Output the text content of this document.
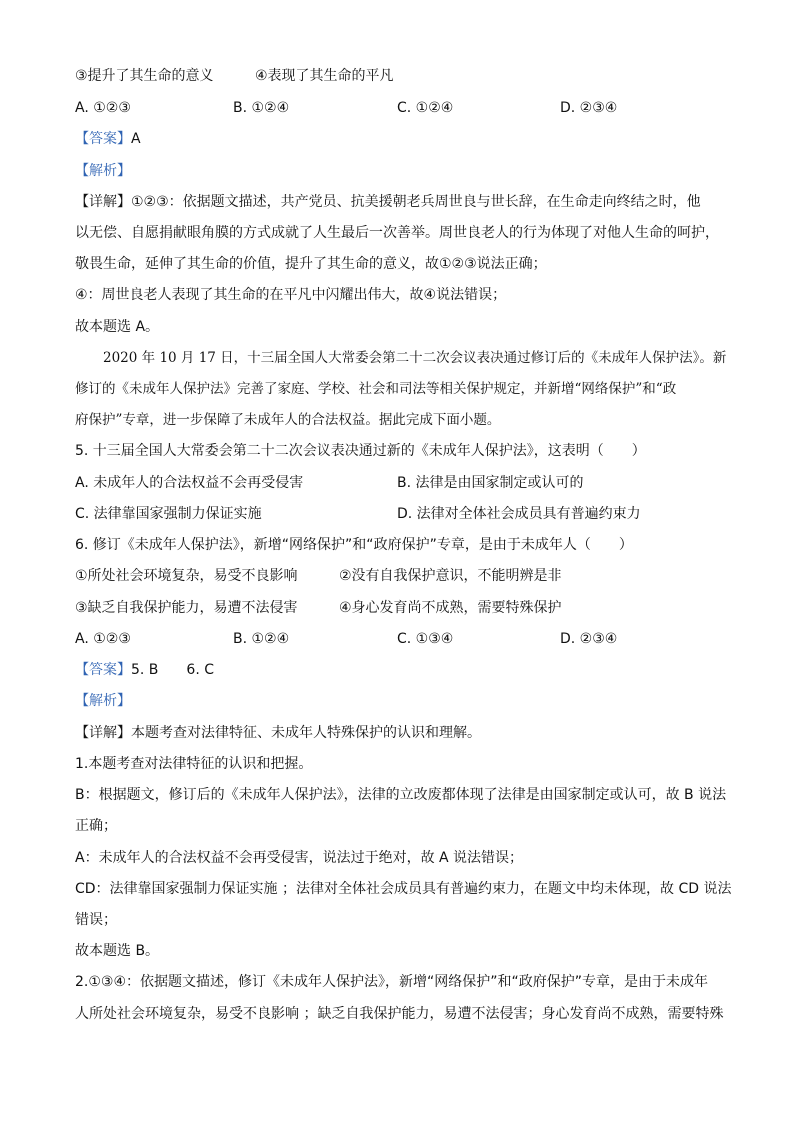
③提升了其生命的意义	④表现了其生命的平凡
A. ①②③	B. ①②④	C. ①②④	D. ②③④
【答案】A
【解析】
【详解】①②③：依据题文描述，共产党员、抗美援朝老兵周世良与世长辞，在生命走向终结之时，他
以无偿、自愿捐献眼角膜的方式成就了人生最后一次善举。周世良老人的行为体现了对他人生命的呵护，
敬畏生命，延伸了其生命的价值，提升了其生命的意义，故①②③说法正确；
④：周世良老人表现了其生命的在平凡中闪耀出伟大，故④说法错误；
故本题选 A。
2020 年 10 月 17 日，十三届全国人大常委会第二十二次会议表决通过修订后的《未成年人保护法》。新
修订的《未成年人保护法》完善了家庭、学校、社会和司法等相关保护规定，并新增“网络保护”和“政
府保护”专章，进一步保障了未成年人的合法权益。据此完成下面小题。
5. 十三届全国人大常委会第二十二次会议表决通过新的《未成年人保护法》，这表明（　　）
A. 未成年人的合法权益不会再受侵害	B. 法律是由国家制定或认可的
C. 法律靠国家强制力保证实施	D. 法律对全体社会成员具有普遍约束力
6. 修订《未成年人保护法》，新增“网络保护”和“政府保护”专章，是由于未成年人（　　）
①所处社会环境复杂，易受不良影响	②没有自我保护意识，不能明辨是非
③缺乏自我保护能力，易遭不法侵害	④身心发育尚不成熟，需要特殊保护
A. ①②③	B. ①②④	C. ①③④	D. ②③④
【答案】5. B　　6. C
【解析】
【详解】本题考查对法律特征、未成年人特殊保护的认识和理解。
1.本题考查对法律特征的认识和把握。
B：根据题文，修订后的《未成年人保护法》，法律的立改废都体现了法律是由国家制定或认可，故 B 说法
正确；
A：未成年人的合法权益不会再受侵害，说法过于绝对，故 A 说法错误；
CD：法律靠国家强制力保证实施 ；法律对全体社会成员具有普遍约束力，在题文中均未体现，故 CD 说法
错误；
故本题选 B。
2.①③④：依据题文描述，修订《未成年人保护法》，新增“网络保护”和“政府保护”专章，是由于未成年
人所处社会环境复杂，易受不良影响 ；缺乏自我保护能力，易遭不法侵害；身心发育尚不成熟，需要特殊
